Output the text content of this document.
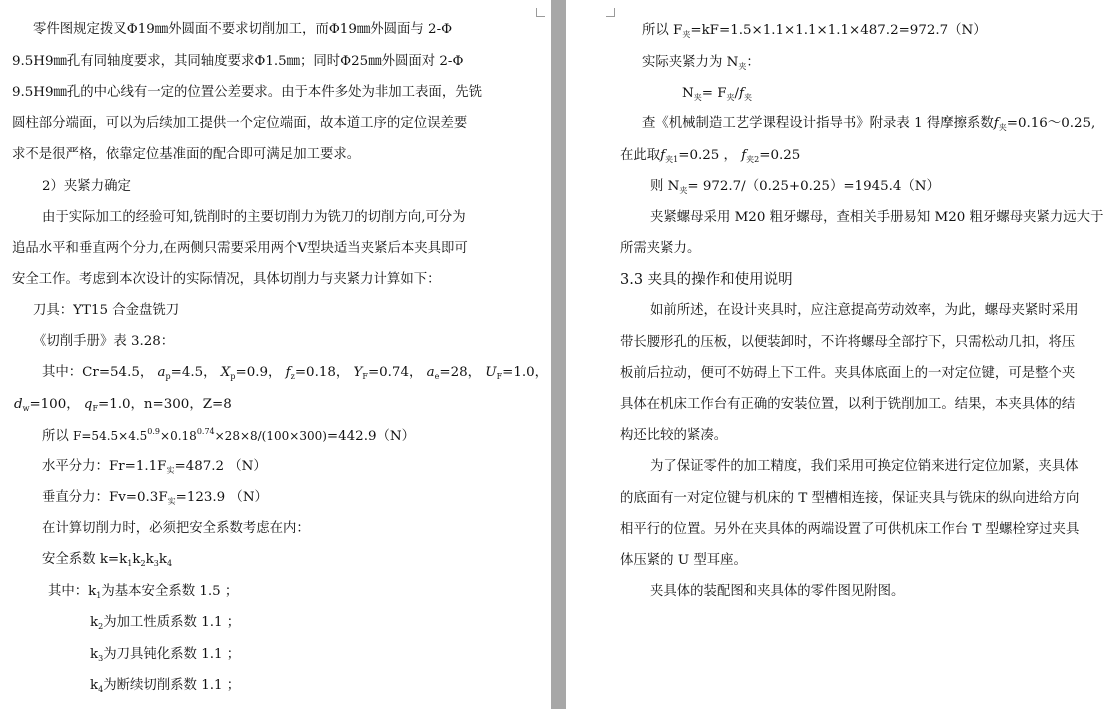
零件图规定拨叉Φ19㎜外圆面不要求切削加工，而Φ19㎜外圆面与 2-Φ
9.5H9㎜孔有同轴度要求，其同轴度要求Φ1.5㎜；同时Φ25㎜外圆面对 2-Φ
9.5H9㎜孔的中心线有一定的位置公差要求。由于本件多处为非加工表面，先铣
圆柱部分端面，可以为后续加工提供一个定位端面，故本道工序的定位误差要
求不是很严格，依靠定位基准面的配合即可满足加工要求。
2）夹紧力确定
由于实际加工的经验可知,铣削时的主要切削力为铣刀的切削方向,可分为
追品水平和垂直两个分力,在两侧只需要采用两个Ⅴ型块适当夹紧后本夹具即可
安全工作。考虑到本次设计的实际情况，具体切削力与夹紧力计算如下：
刀具：YT15 合金盘铣刀
《切削手册》表 3.28：
其中：Cr=54.5， $a_p=4.5$， $X_p=0.9$， $f_z=0.18$， $Y_F=0.74$， $a_e=28$， $U_F=1.0$，
$d_w=100$， $q_F=1.0$，n=300，Z=8
所以 $F=54.5\times 4.5^{0.9}\times 0.18^{0.74}\times 28\times 8/(100\times 300)=442.9(N)$
水平分力：$Fr=1.1F_实=487.2$ （N）
垂直分力：$Fv=0.3F_实=123.9$ （N）
在计算切削力时，必须把安全系数考虑在内：
安全系数 $k=k_1k_2k_3k_4$
其中：$k_1$为基本安全系数 1.5 ；
$k_2$为加工性质系数 1.1 ；
$k_3$为刀具钝化系数 1.1 ；
$k_4$为断续切削系数 1.1 ；
所以 $F_夹=kF=1.5\times 1.1\times 1.1\times 1.1\times 487.2=972.7(N)$
实际夹紧力为 $N_夹$：
$N_夹= F_夹/f_夹$
查《机械制造工艺学课程设计指导书》附录表 1 得摩擦系数$f_夹=0.16\sim 0.25$,
在此取$f_{夹1}=0.25$ ， $f_{夹2}=0.25$
则 $N_夹= 972.7/(0.25+0.25)=1945.4(N)$
夹紧螺母采用 M20 粗牙螺母，查相关手册易知 M20 粗牙螺母夹紧力远大于
所需夹紧力。
3.3 夹具的操作和使用说明
如前所述，在设计夹具时，应注意提高劳动效率，为此，螺母夹紧时采用
带长腰形孔的压板，以便装卸时，不许将螺母全部拧下，只需松动几扣，将压
板前后拉动，便可不妨碍上下工件。夹具体底面上的一对定位键，可是整个夹
具体在机床工作台有正确的安装位置，以利于铣削加工。结果，本夹具体的结
构还比较的紧凑。
为了保证零件的加工精度，我们采用可换定位销来进行定位加紧，夹具体
的底面有一对定位键与机床的 T 型槽相连接，保证夹具与铣床的纵向进给方向
相平行的位置。另外在夹具体的两端设置了可供机床工作台 T 型螺栓穿过夹具
体压紧的 U 型耳座。
夹具体的装配图和夹具体的零件图见附图。
